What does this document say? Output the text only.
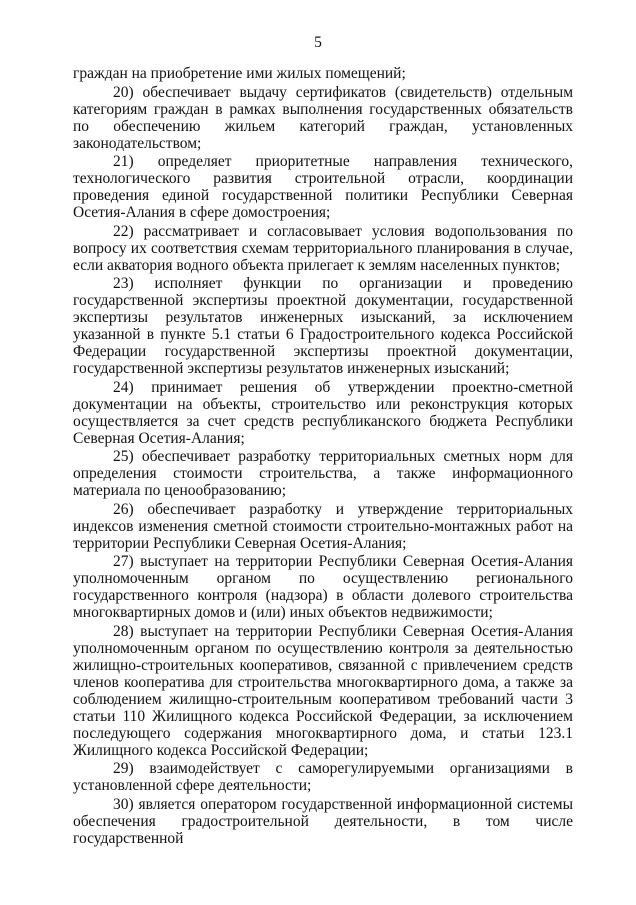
5

граждан на приобретение ими жилых помещений;

20) обеспечивает выдачу сертификатов (свидетельств) отдельным категориям граждан в рамках выполнения государственных обязательств по обеспечению жильем категорий граждан, установленных законодательством;

21) определяет приоритетные направления технического, технологического развития строительной отрасли, координации проведения единой государственной политики Республики Северная Осетия-Алания в сфере домостроения;

22) рассматривает и согласовывает условия водопользования по вопросу их соответствия схемам территориального планирования в случае, если акватория водного объекта прилегает к землям населенных пунктов;

23) исполняет функции по организации и проведению государственной экспертизы проектной документации, государственной экспертизы результатов инженерных изысканий, за исключением указанной в пункте 5.1 статьи 6 Градостроительного кодекса Российской Федерации государственной экспертизы проектной документации, государственной экспертизы результатов инженерных изысканий;

24) принимает решения об утверждении проектно-сметной документации на объекты, строительство или реконструкция которых осуществляется за счет средств республиканского бюджета Республики Северная Осетия-Алания;

25) обеспечивает разработку территориальных сметных норм для определения стоимости строительства, а также информационного материала по ценообразованию;

26) обеспечивает разработку и утверждение территориальных индексов изменения сметной стоимости строительно-монтажных работ на территории Республики Северная Осетия-Алания;

27) выступает на территории Республики Северная Осетия-Алания уполномоченным органом по осуществлению регионального государственного контроля (надзора) в области долевого строительства многоквартирных домов и (или) иных объектов недвижимости;

28) выступает на территории Республики Северная Осетия-Алания уполномоченным органом по осуществлению контроля за деятельностью жилищно-строительных кооперативов, связанной с привлечением средств членов кооператива для строительства многоквартирного дома, а также за соблюдением жилищно-строительным кооперативом требований части 3 статьи 110 Жилищного кодекса Российской Федерации, за исключением последующего содержания многоквартирного дома, и статьи 123.1 Жилищного кодекса Российской Федерации;

29) взаимодействует с саморегулируемыми организациями в установленной сфере деятельности;

30) является оператором государственной информационной системы обеспечения градостроительной деятельности, в том числе государственной
